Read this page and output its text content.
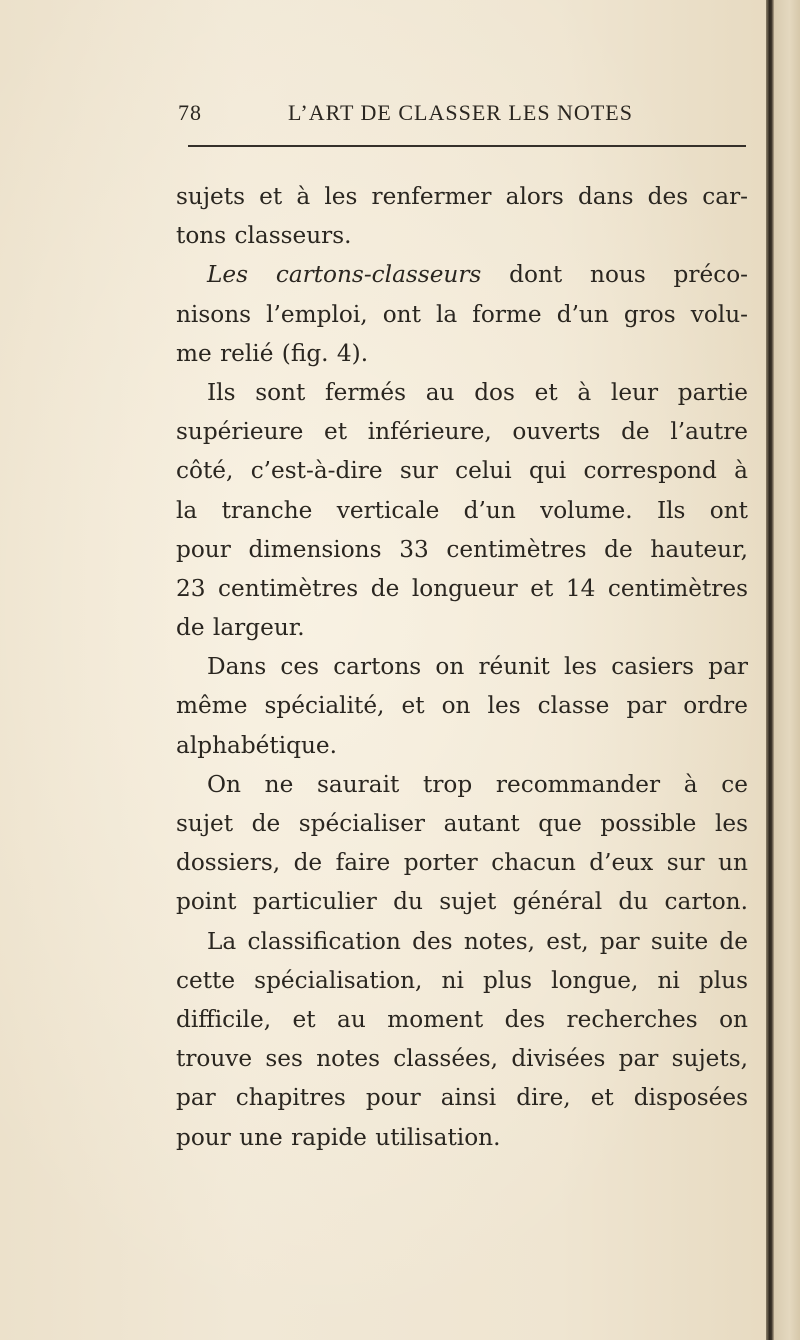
78	L’ART DE CLASSER LES NOTES
sujets et à les renfermer alors dans des car-
tons classeurs.
Les cartons-classeurs dont nous préco-
nisons l’emploi, ont la forme d’un gros volu-
me relié (fig. 4).
Ils sont fermés au dos et à leur partie
supérieure et inférieure, ouverts de l’autre
côté, c’est-à-dire sur celui qui correspond à
la tranche verticale d’un volume. Ils ont
pour dimensions 33 centimètres de hauteur,
23 centimètres de longueur et 14 centimètres
de largeur.
Dans ces cartons on réunit les casiers par
même spécialité, et on les classe par ordre
alphabétique.
On ne saurait trop recommander à ce
sujet de spécialiser autant que possible les
dossiers, de faire porter chacun d’eux sur un
point particulier du sujet général du carton.
La classification des notes, est, par suite de
cette spécialisation, ni plus longue, ni plus
difficile, et au moment des recherches on
trouve ses notes classées, divisées par sujets,
par chapitres pour ainsi dire, et disposées
pour une rapide utilisation.
